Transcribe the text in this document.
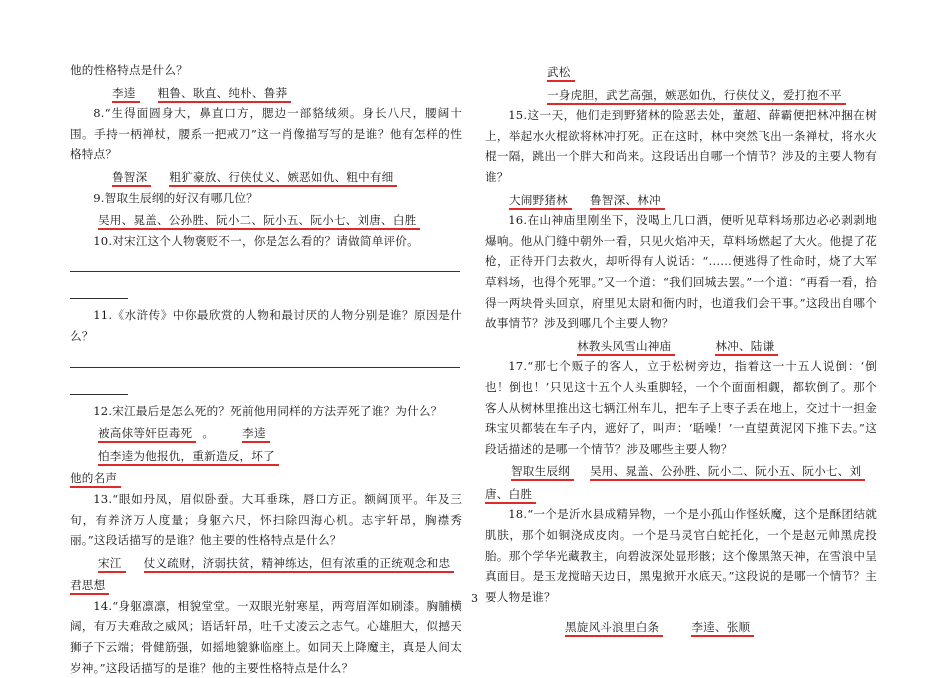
他的性格特点是什么？

李逵 粗鲁、耿直、纯朴、鲁莽

8.“生得面圆身大，鼻直口方，腮边一部貉绒须。身长八尺，腰阔十围。手持一柄禅杖，腰系一把戒刀”这一肖像描写写的是谁？他有怎样的性格特点？

鲁智深 粗犷豪放、行侠仗义、嫉恶如仇、粗中有细

9.智取生辰纲的好汉有哪几位？

吴用、晁盖、公孙胜、阮小二、阮小五、阮小七、刘唐、白胜

10.对宋江这个人物褒贬不一，你是怎么看的？请做简单评价。

11.《水浒传》中你最欣赏的人物和最讨厌的人物分别是谁？原因是什么？

12.宋江最后是怎么死的？死前他用同样的方法弄死了谁？为什么？

被高俅等奸臣毒死 。 李逵怕李逵为他报仇，重新造反，坏了

他的名声

13.“眼如丹凤，眉似卧蚕。大耳垂珠，唇口方正。额阔顶平。年及三旬，有养济万人度量；身躯六尺，怀扫除四海心机。志宇轩昂，胸襟秀丽。”这段话描写的是谁？他主要的性格特点是什么？

宋江 仗义疏财，济弱扶贫，精神练达，但有浓重的正统观念和忠

君思想

14.“身躯凛凛，相貌堂堂。一双眼光射寒星，两弯眉浑如刷漆。胸脯横阔，有万夫难敌之威风；语话轩昂，吐千丈凌云之志气。心雄胆大，似撼天狮子下云端；骨健筋强，如摇地貔貅临座上。如同天上降魔主，真是人间太岁神。”这段话描写的是谁？他的主要性格特点是什么？

武松一身虎胆，武艺高强，嫉恶如仇，行侠仗义，爱打抱不平

15.这一天，他们走到野猪林的险恶去处，董超、薛霸便把林冲捆在树上，举起水火棍欲将林冲打死。正在这时，林中突然飞出一条禅杖，将水火棍一隔，跳出一个胖大和尚来。这段话出自哪一个情节？涉及的主要人物有谁？

大闹野猪林 鲁智深、林冲

16.在山神庙里刚坐下，没喝上几口酒，便听见草料场那边必必剥剥地爆响。他从门缝中朝外一看，只见火焰冲天，草料场燃起了大火。他提了花枪，正待开门去救火，却听得有人说话：“……便逃得了性命时，烧了大军草料场，也得个死罪。”又一个道：“我们回城去罢。”一个道：“再看一看，拾得一两块骨头回京，府里见太尉和衙内时，也道我们会干事。”这段出自哪个故事情节？涉及到哪几个主要人物？

林教头风雪山神庙	林冲、陆谦

17.“那七个贩子的客人，立于松树旁边，指着这一十五人说倒：‘倒也！倒也！’只见这十五个人头重脚轻，一个个面面相觑，都软倒了。那个客人从树林里推出这七辆江州车儿，把车子上枣子丢在地上，交过十一担金珠宝贝都装在车子内，遮好了，叫声：‘聒噪！’一直望黄泥冈下推下去。”这段话描述的是哪一个情节？涉及哪些主要人物？

智取生辰纲 吴用、晁盖、公孙胜、阮小二、阮小五、阮小七、刘

唐、白胜

18.“一个是沂水县成精异物，一个是小孤山作怪妖魔，这个是酥团结就肌肤，那个如铜浇成皮肉。一个是马灵官白蛇托化，一个是赵元帅黑虎投胎。那个学华光藏教主，向碧波深处显形骸；这个像黑煞天神，在雪浪中呈真面目。是玉龙搅暗天边日，黑鬼掀开水底天。”这段说的是哪一个情节？主要人物是谁？

黑旋风斗浪里白条	李逵、张顺

3
